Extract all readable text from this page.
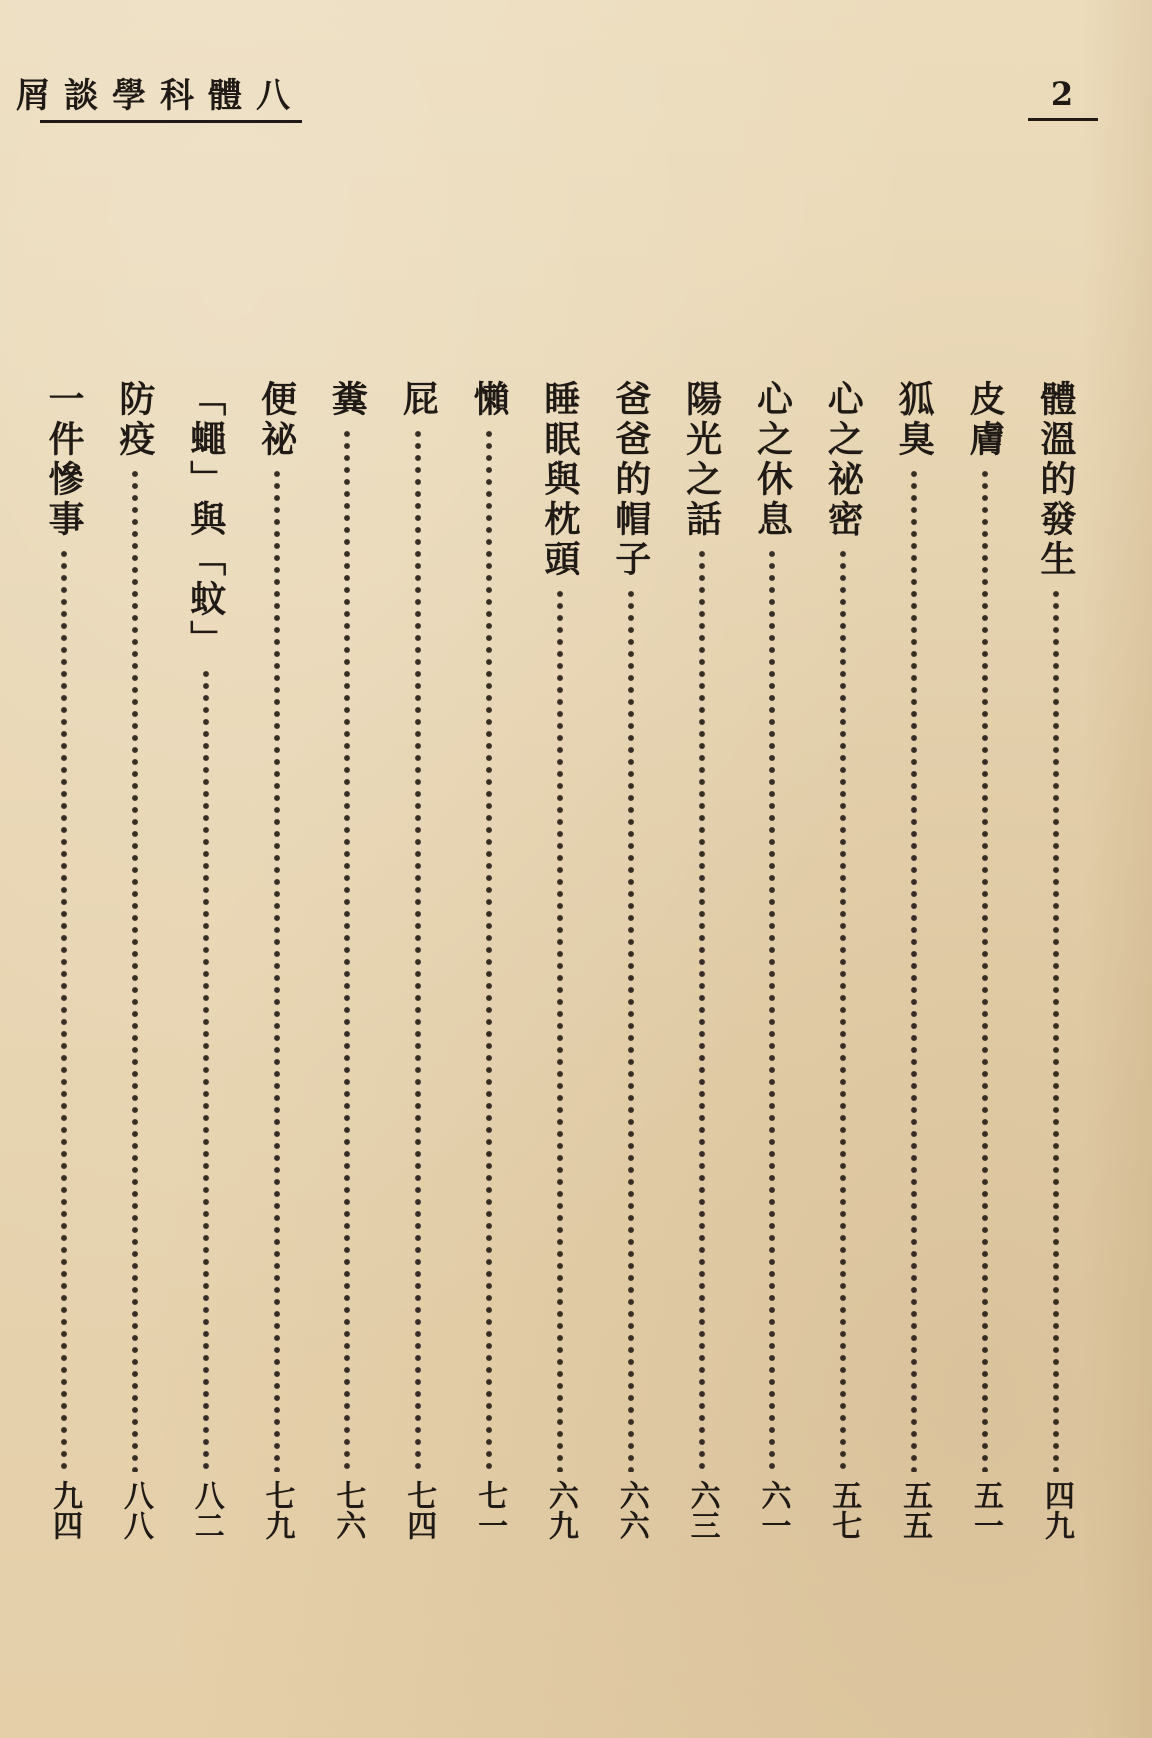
八體科學談屑	2
體溫的發生
四九
皮膚
五一
狐臭
五五
心之祕密
五七
心之休息
六一
陽光之話
六三
爸爸的帽子
六六
睡眠與枕頭
六九
懶
七一
屁
七四
糞
七六
便祕
七九
「蠅」與「蚊」
八二
防疫
八八
一件慘事
九四
